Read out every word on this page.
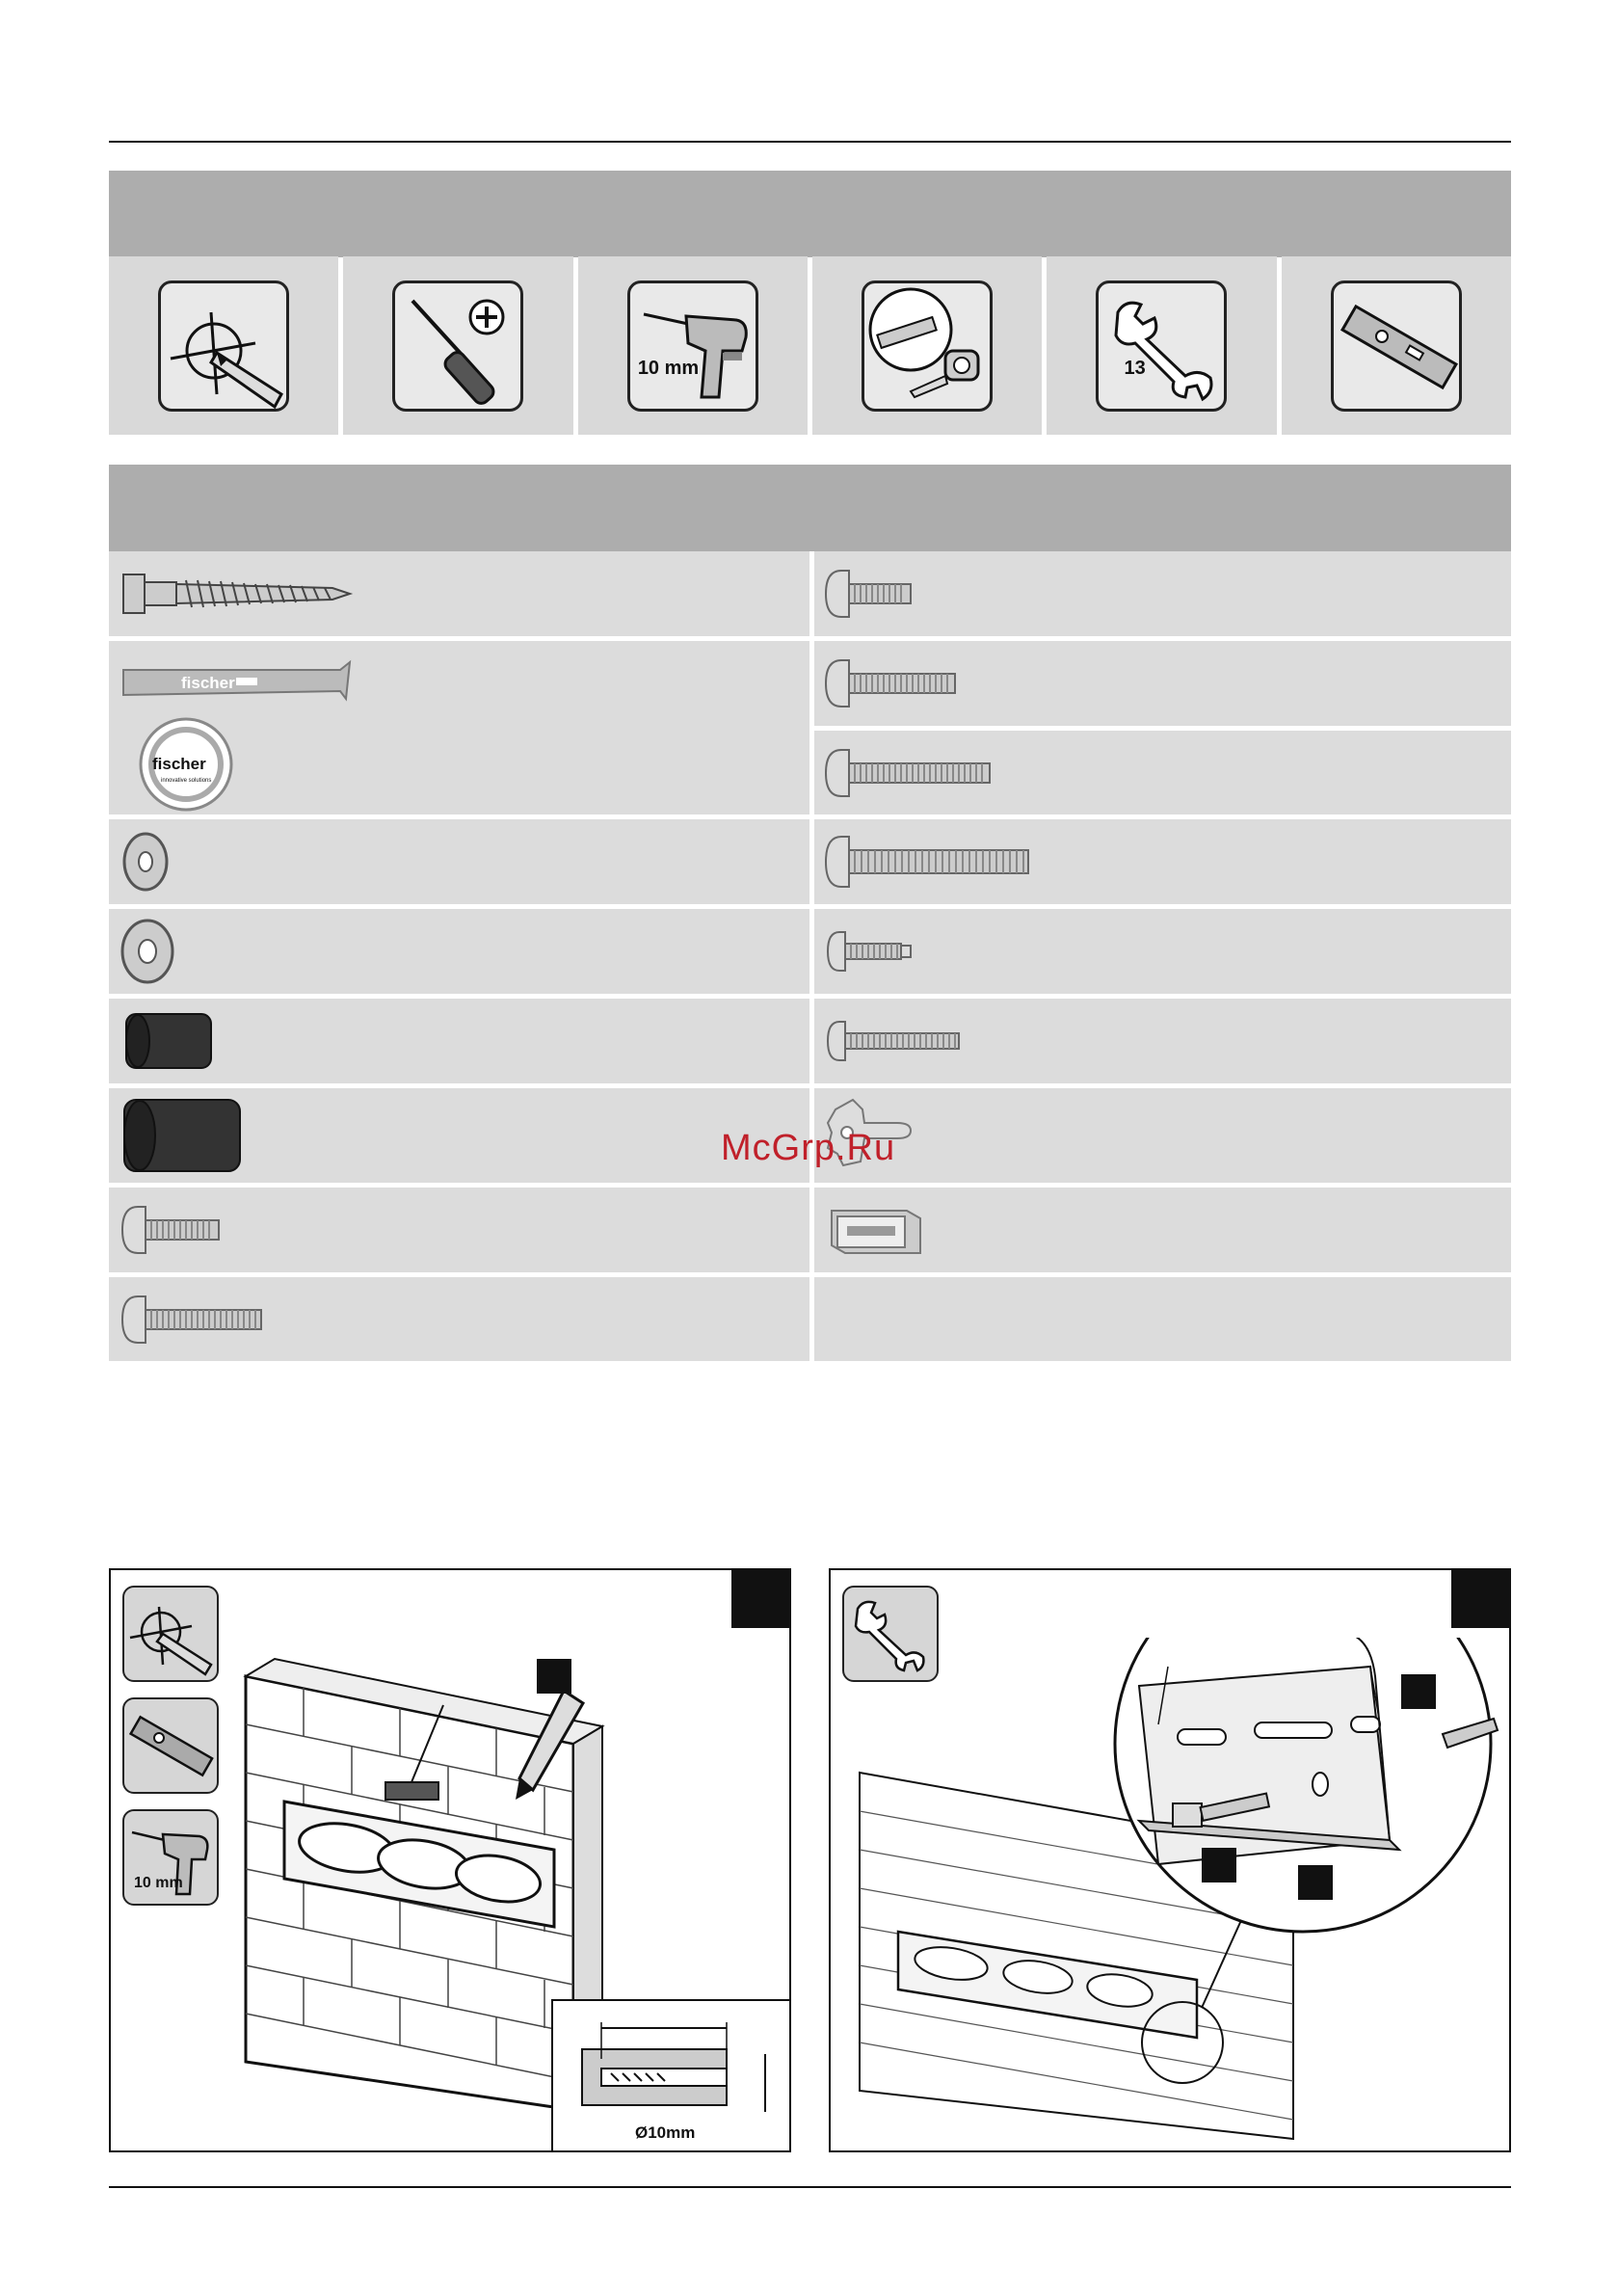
10 mm	13
fischer
fischer
innovative solutions
McGrp.Ru
10 mm
Ø10mm
